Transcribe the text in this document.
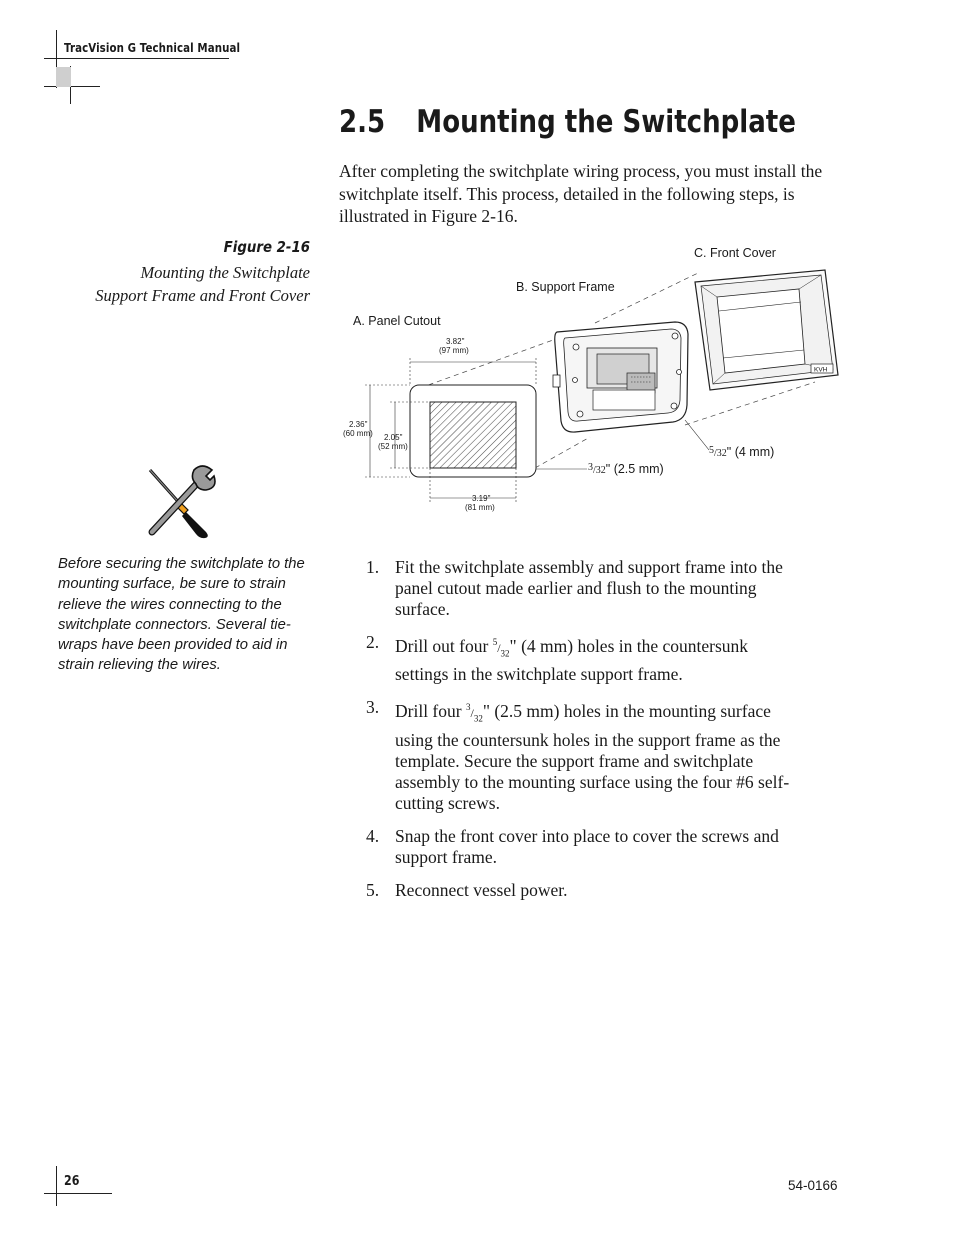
TracVision G Technical Manual
2.5 Mounting the Switchplate
After completing the switchplate wiring process, you must install the switchplate itself. This process, detailed in the following steps, is illustrated in Figure 2-16.
Figure 2-16
Mounting the Switchplate
Support Frame and Front Cover
C. Front Cover
B. Support Frame
A. Panel Cutout
3.82"
(97 mm)
2.36"
(60 mm) 2.05"
(52 mm)
3.19"
(81 mm)
KVH
$^3_/$32" (2.5 mm)
$^5_/$32" (4 mm)
Before securing the switchplate to the mounting surface, be sure to strain relieve the wires connecting to the switchplate connectors. Several tie-wraps have been provided to aid in strain relieving the wires.
1. Fit the switchplate assembly and support frame into the panel cutout made earlier and flush to the mounting surface.
2. Drill out four $^5/_{32}$" (4 mm) holes in the countersunk settings in the switchplate support frame.
3. Drill four $^3/_{32}$" (2.5 mm) holes in the mounting surface using the countersunk holes in the support frame as the template. Secure the support frame and switchplate assembly to the mounting surface using the four #6 self-cutting screws.
4. Snap the front cover into place to cover the screws and support frame.
5. Reconnect vessel power.
26	54-0166
